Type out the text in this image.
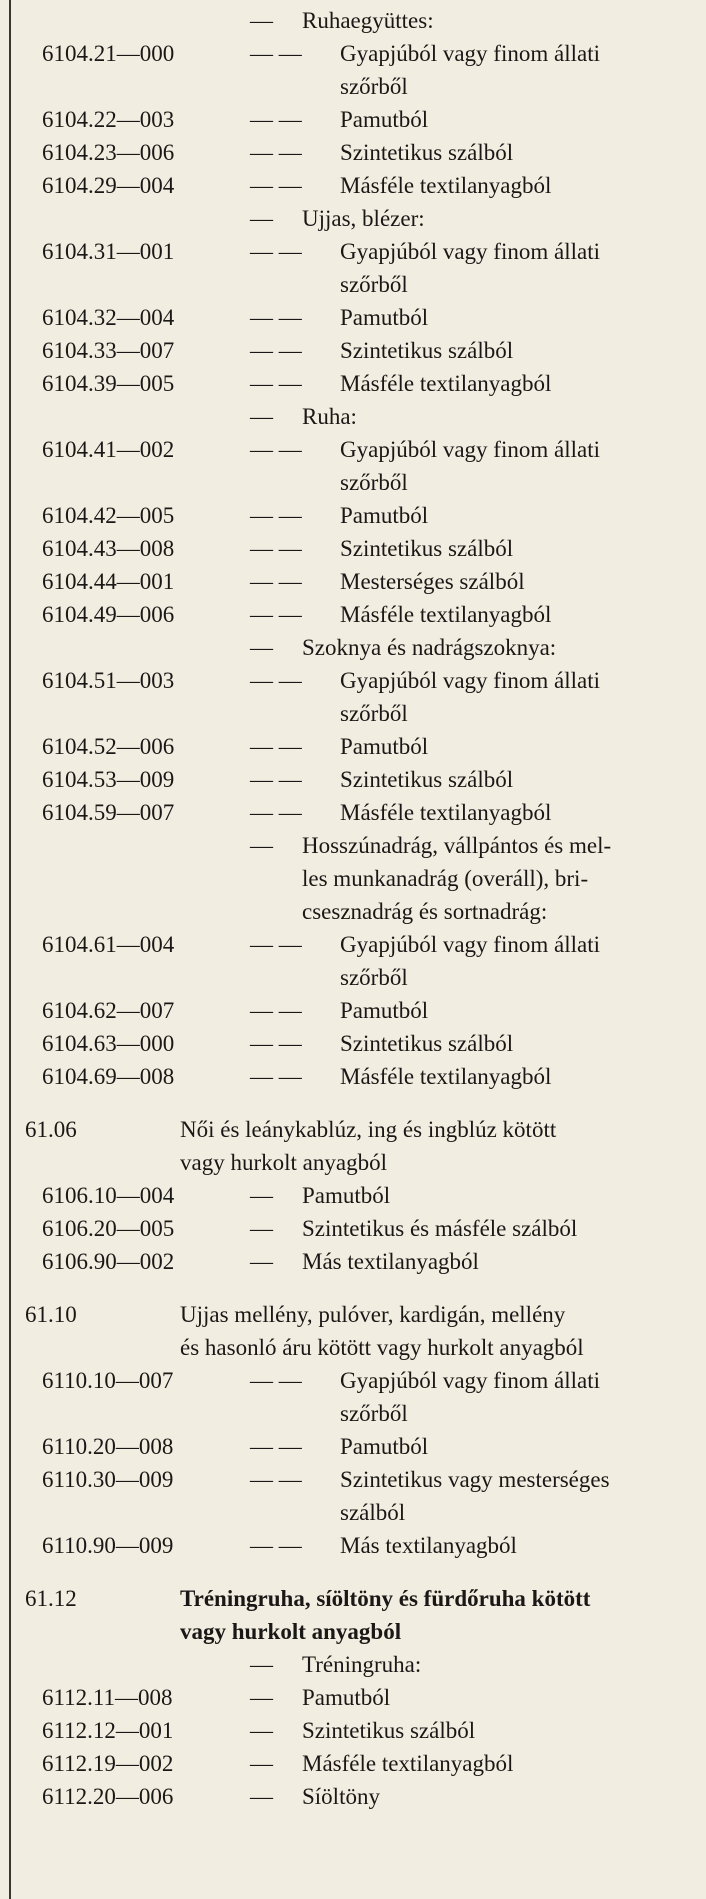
—	Ruhaegyüttes:
6104.21—000	— —	Gyapjúból vagy finom állati
szőrből
6104.22—003	— —	Pamutból
6104.23—006	— —	Szintetikus szálból
6104.29—004	— —	Másféle textilanyagból
—	Ujjas, blézer:
6104.31—001	— —	Gyapjúból vagy finom állati
szőrből
6104.32—004	— —	Pamutból
6104.33—007	— —	Szintetikus szálból
6104.39—005	— —	Másféle textilanyagból
—	Ruha:
6104.41—002	— —	Gyapjúból vagy finom állati
szőrből
6104.42—005	— —	Pamutból
6104.43—008	— —	Szintetikus szálból
6104.44—001	— —	Mesterséges szálból
6104.49—006	— —	Másféle textilanyagból
—	Szoknya és nadrágszoknya:
6104.51—003	— —	Gyapjúból vagy finom állati
szőrből
6104.52—006	— —	Pamutból
6104.53—009	— —	Szintetikus szálból
6104.59—007	— —	Másféle textilanyagból
—	Hosszúnadrág, vállpántos és mel-
les munkanadrág (overáll), bri-
csesznadrág és sortnadrág:
6104.61—004	— —	Gyapjúból vagy finom állati
szőrből
6104.62—007	— —	Pamutból
6104.63—000	— —	Szintetikus szálból
6104.69—008	— —	Másféle textilanyagból
61.06	Női és leánykablúz, ing és ingblúz kötött
vagy hurkolt anyagból
6106.10—004	—	Pamutból
6106.20—005	—	Szintetikus és másféle szálból
6106.90—002	—	Más textilanyagból
61.10	Ujjas mellény, pulóver, kardigán, mellény
és hasonló áru kötött vagy hurkolt anyagból
6110.10—007	— —	Gyapjúból vagy finom állati
szőrből
6110.20—008	— —	Pamutból
6110.30—009	— —	Szintetikus vagy mesterséges
szálból
6110.90—009	— —	Más textilanyagból
61.12	Tréningruha, síöltöny és fürdőruha kötött
vagy hurkolt anyagból
—	Tréningruha:
6112.11—008	—	Pamutból
6112.12—001	—	Szintetikus szálból
6112.19—002	—	Másféle textilanyagból
6112.20—006	—	Síöltöny
